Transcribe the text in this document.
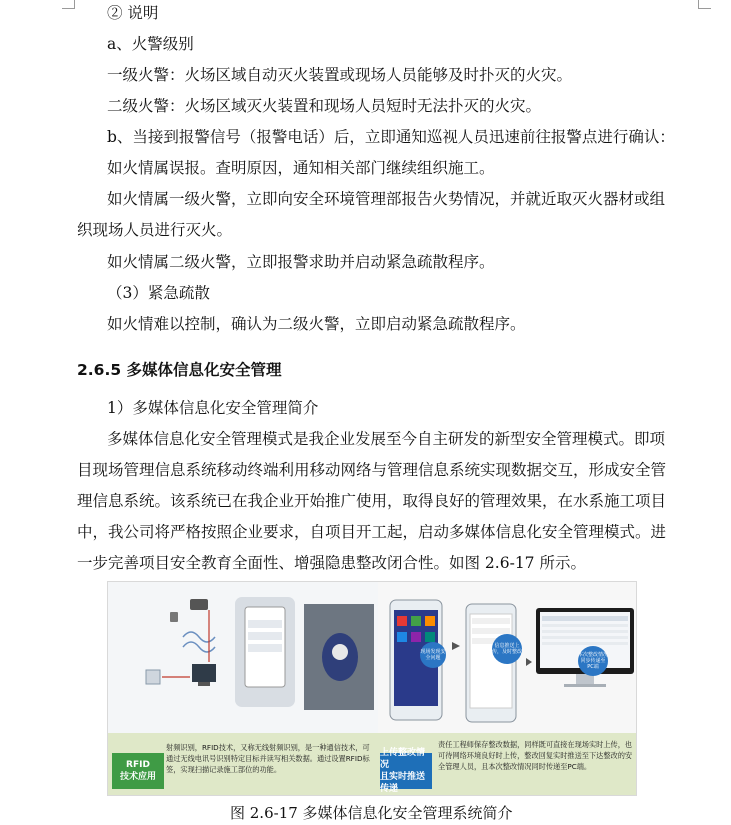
② 说明
a、火警级别
一级火警：火场区域自动灭火装置或现场人员能够及时扑灭的火灾。
二级火警：火场区域灭火装置和现场人员短时无法扑灭的火灾。
b、当接到报警信号（报警电话）后，立即通知巡视人员迅速前往报警点进行确认：
如火情属误报。查明原因，通知相关部门继续组织施工。
如火情属一级火警，立即向安全环境管理部报告火势情况，并就近取灭火器材或组
织现场人员进行灭火。
如火情属二级火警，立即报警求助并启动紧急疏散程序。
（3）紧急疏散
如火情难以控制，确认为二级火警，立即启动紧急疏散程序。
2.6.5 多媒体信息化安全管理
1）多媒体信息化安全管理简介
多媒体信息化安全管理模式是我企业发展至今自主研发的新型安全管理模式。即项
目现场管理信息系统移动终端利用移动网络与管理信息系统实现数据交互，形成安全管
理信息系统。该系统已在我企业开始推广使用，取得良好的管理效果，在水系施工项目
中，我公司将严格按照企业要求，自项目开工起，启动多媒体信息化安全管理模式。进
一步完善项目安全教育全面性、增强隐患整改闭合性。如图 2.6-17 所示。
现场发现安全问题
信息推送上传，及时整改	本次整改情况同步传递至PC端
RFID
技术应用
射频识别，RFID技术，又称无线射频识别，是一种通信技术，可通过无线电讯号识别特定目标并读写相关数据。通过设置RFID标签，实现扫描记录施工部位的功能。
上传整改情况
且实时推送传递
责任工程师保存整改数据，同样既可直接在现场实时上传，也可待网络环境良好时上传，整改回复实时推送至下达整改的安全管理人员，且本次整改情况同时传递至PC端。
图 2.6-17 多媒体信息化安全管理系统简介
